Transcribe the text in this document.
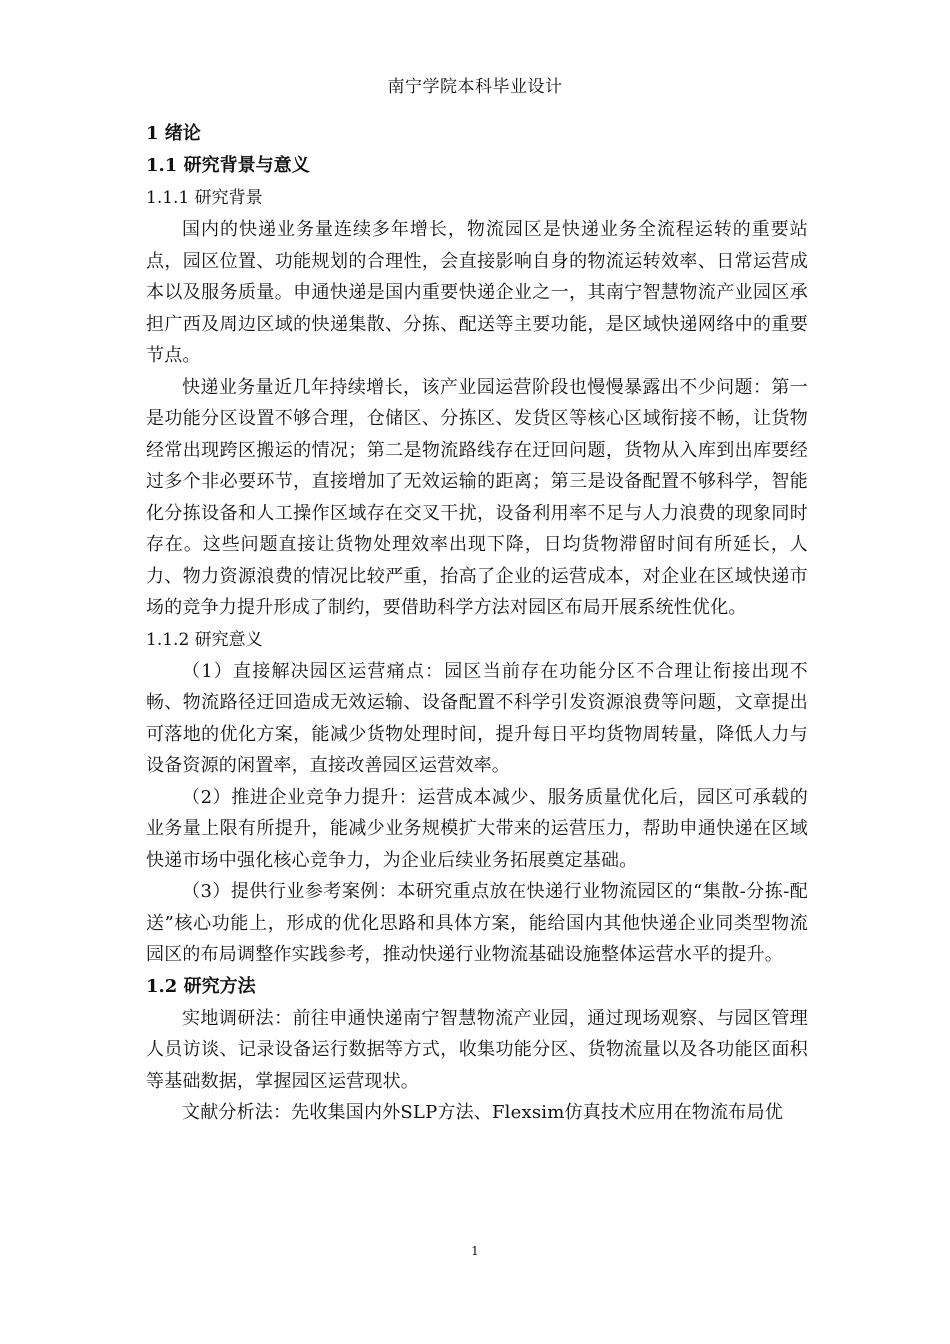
南宁学院本科毕业设计
1 绪论
1.1 研究背景与意义
1.1.1 研究背景

国内的快递业务量连续多年增长，物流园区是快递业务全流程运转的重要站点，园区位置、功能规划的合理性，会直接影响自身的物流运转效率、日常运营成本以及服务质量。申通快递是国内重要快递企业之一，其南宁智慧物流产业园区承担广西及周边区域的快递集散、分拣、配送等主要功能，是区域快递网络中的重要节点。

快递业务量近几年持续增长，该产业园运营阶段也慢慢暴露出不少问题：第一是功能分区设置不够合理，仓储区、分拣区、发货区等核心区域衔接不畅，让货物经常出现跨区搬运的情况；第二是物流路线存在迂回问题，货物从入库到出库要经过多个非必要环节，直接增加了无效运输的距离；第三是设备配置不够科学，智能化分拣设备和人工操作区域存在交叉干扰，设备利用率不足与人力浪费的现象同时存在。这些问题直接让货物处理效率出现下降，日均货物滞留时间有所延长，人力、物力资源浪费的情况比较严重，抬高了企业的运营成本，对企业在区域快递市场的竞争力提升形成了制约，要借助科学方法对园区布局开展系统性优化。

1.1.2 研究意义

（1）直接解决园区运营痛点：园区当前存在功能分区不合理让衔接出现不畅、物流路径迂回造成无效运输、设备配置不科学引发资源浪费等问题，文章提出可落地的优化方案，能减少货物处理时间，提升每日平均货物周转量，降低人力与设备资源的闲置率，直接改善园区运营效率。

（2）推进企业竞争力提升：运营成本减少、服务质量优化后，园区可承载的业务量上限有所提升，能减少业务规模扩大带来的运营压力，帮助申通快递在区域快递市场中强化核心竞争力，为企业后续业务拓展奠定基础。

（3）提供行业参考案例：本研究重点放在快递行业物流园区的“集散-分拣-配送”核心功能上，形成的优化思路和具体方案，能给国内其他快递企业同类型物流园区的布局调整作实践参考，推动快递行业物流基础设施整体运营水平的提升。

1.2 研究方法

实地调研法：前往申通快递南宁智慧物流产业园，通过现场观察、与园区管理人员访谈、记录设备运行数据等方式，收集功能分区、货物流量以及各功能区面积等基础数据，掌握园区运营现状。

文献分析法：先收集国内外SLP方法、Flexsim仿真技术应用在物流布局优

1
